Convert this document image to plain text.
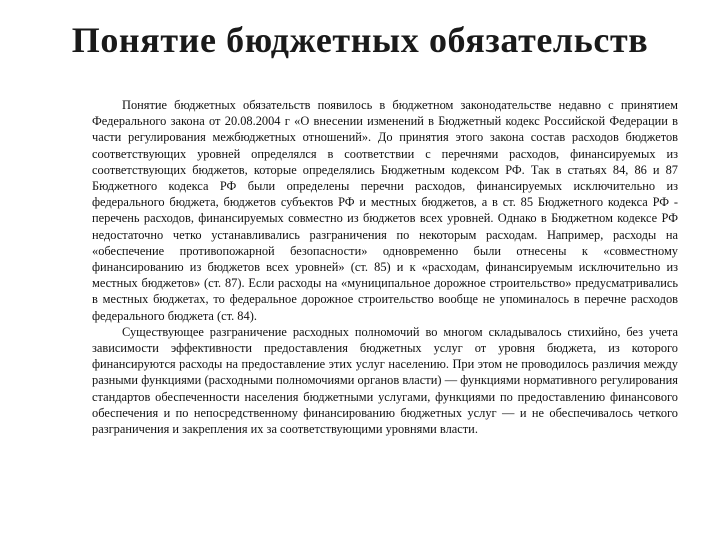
Понятие бюджетных обязательств

Понятие бюджетных обязательств появилось в бюджетном законодательстве недавно с принятием Федерального закона от 20.08.2004 г «О внесении изменений в Бюджетный кодекс Российской Федерации в части регулирования межбюджетных отношений». До принятия этого закона состав расходов бюджетов соответствующих уровней определялся в соответствии с перечнями расходов, финансируемых из соответствующих бюджетов, которые определялись Бюджетным кодексом РФ. Так в статьях 84, 86 и 87 Бюджетного кодекса РФ были определены перечни расходов, финансируемых исключительно из федерального бюджета, бюджетов субъектов РФ и местных бюджетов, а в ст. 85 Бюджетного кодекса РФ - перечень расходов, финансируемых совместно из бюджетов всех уровней. Однако в Бюджетном кодексе РФ недостаточно четко устанавливались разграничения по некоторым расходам. Например, расходы на «обеспечение противопожарной безопасности» одновременно были отнесены к «совместному финансированию из бюджетов всех уровней» (ст. 85) и к «расходам, финансируемым исключительно из местных бюджетов» (ст. 87). Если расходы на «муниципальное дорожное строительство» предусматривались в местных бюджетах, то федеральное дорожное строительство вообще не упоминалось в перечне расходов федерального бюджета (ст. 84).

Существующее разграничение расходных полномочий во многом складывалось стихийно, без учета зависимости эффективности предоставления бюджетных услуг от уровня бюджета, из которого финансируются расходы на предоставление этих услуг населению. При этом не проводилось различия между разными функциями (расходными полномочиями органов власти) — функциями нормативного регулирования стандартов обеспеченности населения бюджетными услугами, функциями по предоставлению финансового обеспечения и по непосредственному финансированию бюджетных услуг — и не обеспечивалось четкого разграничения и закрепления их за соответствующими уровнями власти.
